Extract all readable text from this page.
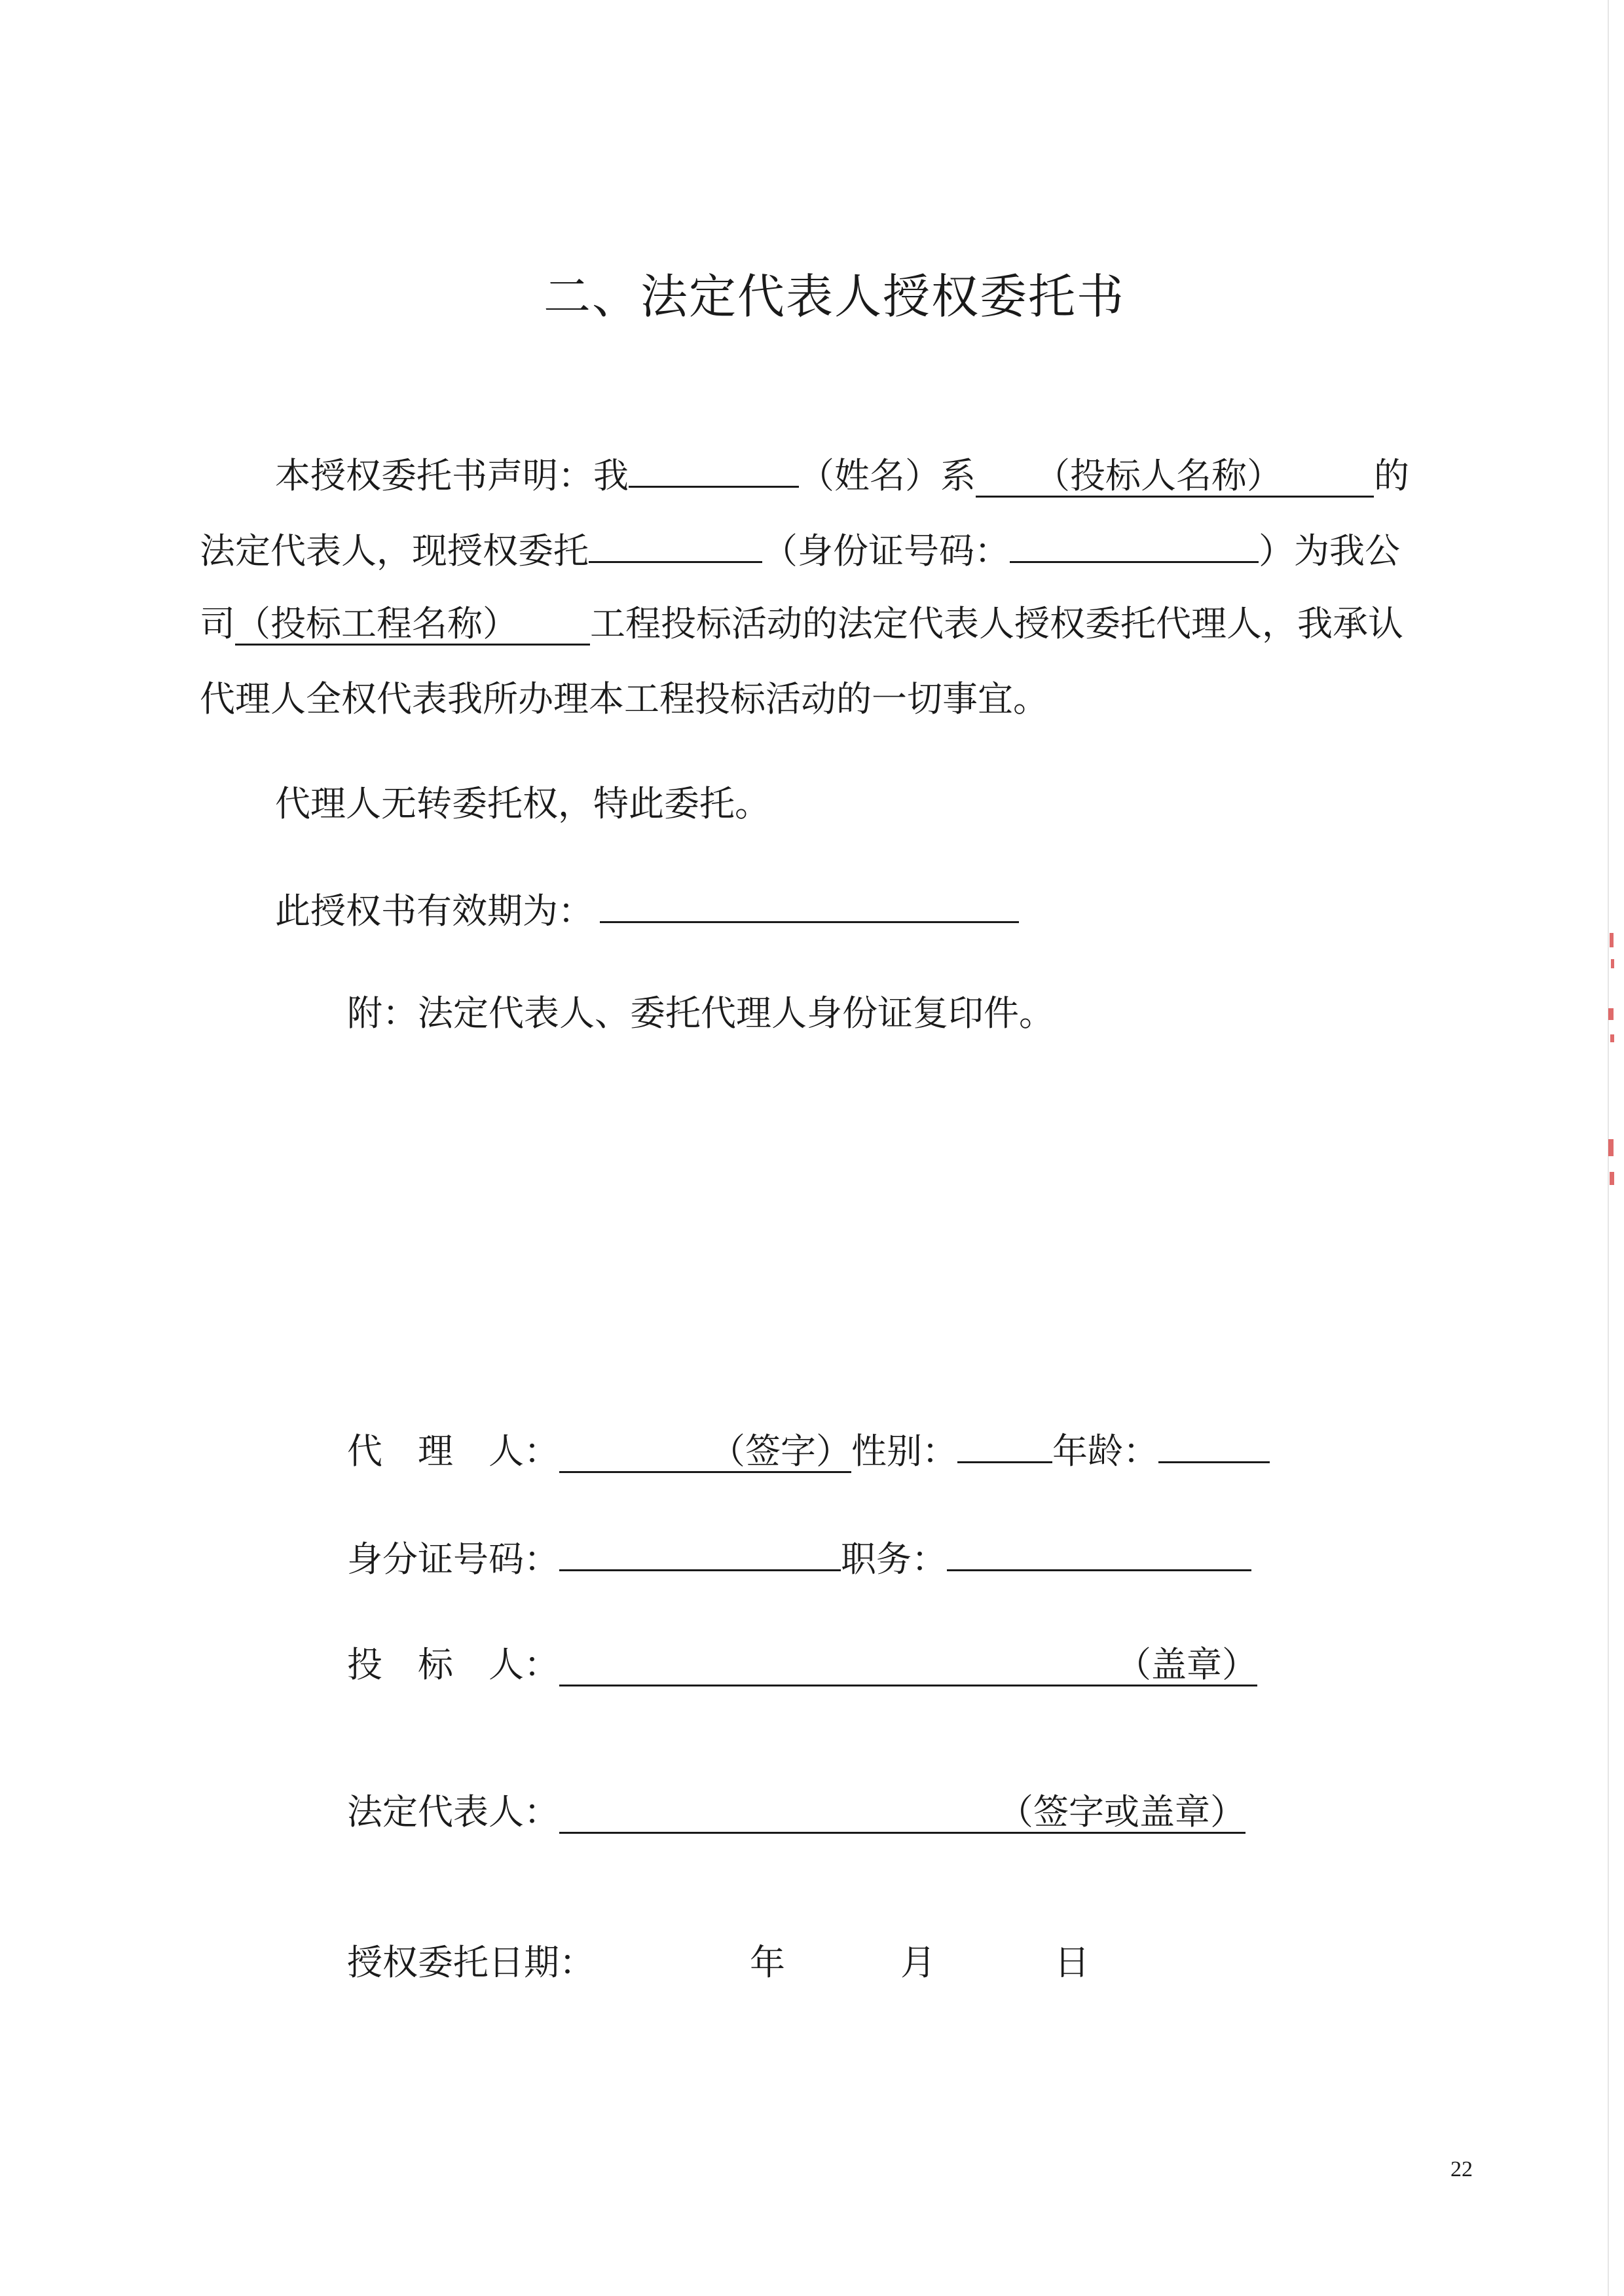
二、法定代表人授权委托书
本授权委托书声明：我	（姓名）系 （投标人名称）	的
法定代表人，现授权委托	（身份证号码：	）为我公
司（投标工程名称） 工程投标活动的法定代表人授权委托代理人，我承认
代理人全权代表我所办理本工程投标活动的一切事宜。
代理人无转委托权，特此委托。
此授权书有效期为：
附：法定代表人、委托代理人身份证复印件。
代　理　人：	（签字）性别：	年龄：
身分证号码：	职务：
投　标　人：	（盖章）
法定代表人：	（签字或盖章）
授权委托日期：	年	月	日
22
